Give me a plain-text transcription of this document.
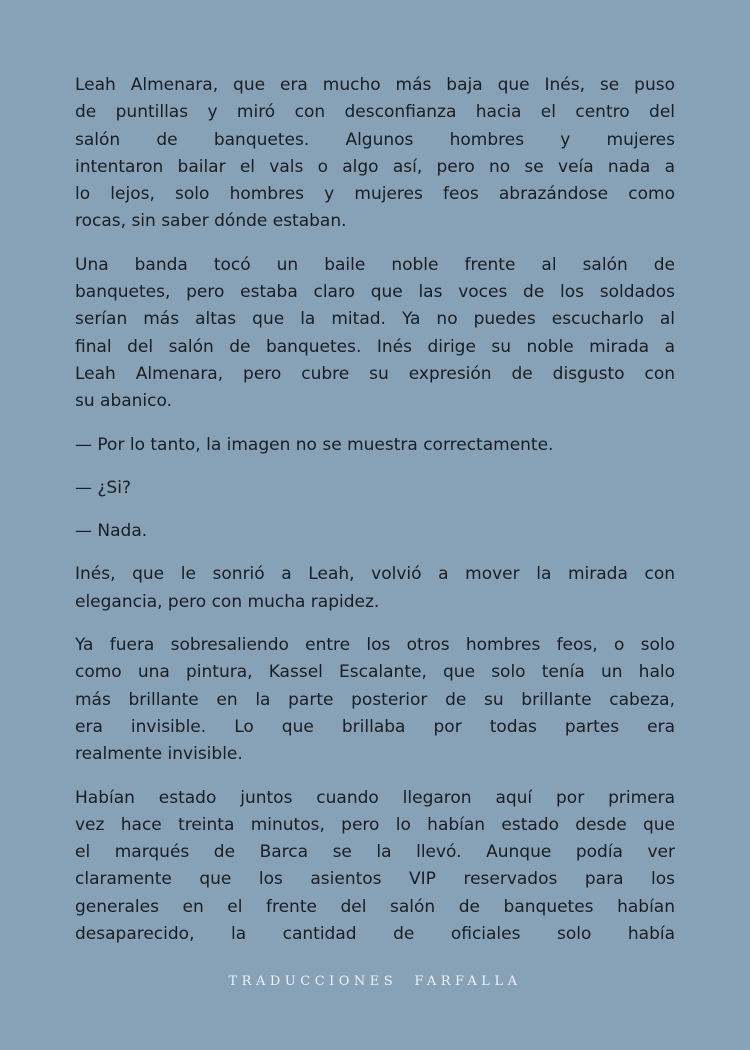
Leah Almenara, que era mucho más baja que Inés, se puso
de puntillas y miró con desconfianza hacia el centro del
salón de banquetes. Algunos hombres y mujeres
intentaron bailar el vals o algo así, pero no se veía nada a
lo lejos, solo hombres y mujeres feos abrazándose como
rocas, sin saber dónde estaban.

Una banda tocó un baile noble frente al salón de
banquetes, pero estaba claro que las voces de los soldados
serían más altas que la mitad. Ya no puedes escucharlo al
final del salón de banquetes. Inés dirige su noble mirada a
Leah Almenara, pero cubre su expresión de disgusto con
su abanico.

— Por lo tanto, la imagen no se muestra correctamente.

— ¿Si?

— Nada.

Inés, que le sonrió a Leah, volvió a mover la mirada con
elegancia, pero con mucha rapidez.

Ya fuera sobresaliendo entre los otros hombres feos, o solo
como una pintura, Kassel Escalante, que solo tenía un halo
más brillante en la parte posterior de su brillante cabeza,
era invisible. Lo que brillaba por todas partes era
realmente invisible.

Habían estado juntos cuando llegaron aquí por primera
vez hace treinta minutos, pero lo habían estado desde que
el marqués de Barca se la llevó. Aunque podía ver
claramente que los asientos VIP reservados para los
generales en el frente del salón de banquetes habían
desaparecido, la cantidad de oficiales solo había

TRADUCCIONES  FARFALLA
